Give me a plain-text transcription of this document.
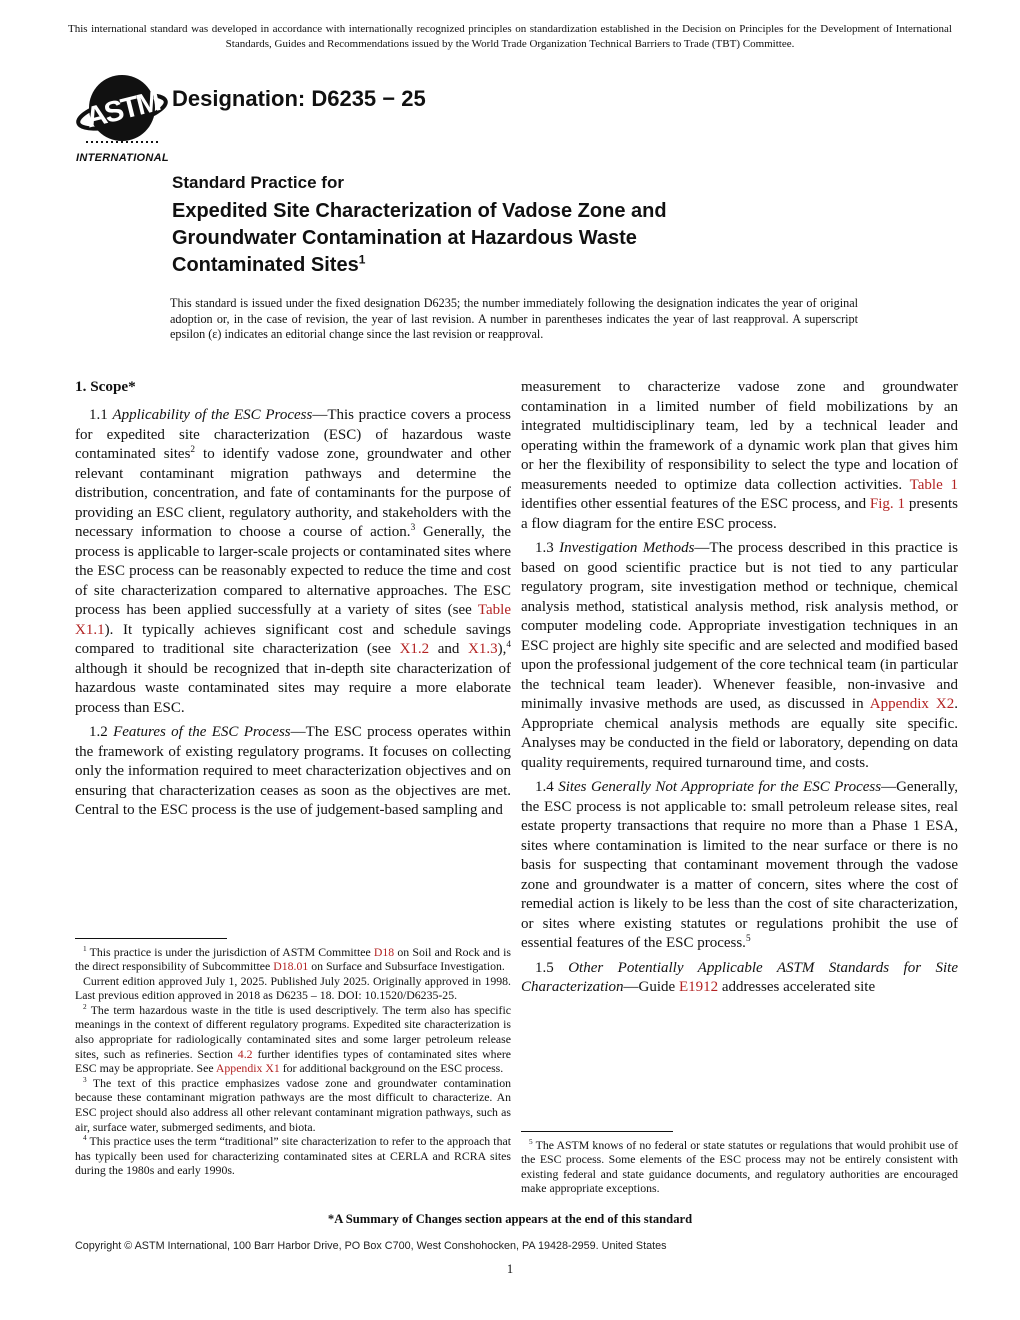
This international standard was developed in accordance with internationally recognized principles on standardization established in the Decision on Principles for the Development of International Standards, Guides and Recommendations issued by the World Trade Organization Technical Barriers to Trade (TBT) Committee.
ASTM
INTERNATIONAL
Designation: D6235 − 25

Standard Practice for

Expedited Site Characterization of Vadose Zone and
Groundwater Contamination at Hazardous Waste
Contaminated Sites$^1$
This standard is issued under the fixed designation D6235; the number immediately following the designation indicates the year of original adoption or, in the case of revision, the year of last revision. A number in parentheses indicates the year of last reapproval. A superscript epsilon (ε) indicates an editorial change since the last revision or reapproval.
1. Scope*

1.1 Applicability of the ESC Process—This practice covers a process for expedited site characterization (ESC) of hazardous waste contaminated sites$^2$ to identify vadose zone, groundwater and other relevant contaminant migration pathways and determine the distribution, concentration, and fate of contaminants for the purpose of providing an ESC client, regulatory authority, and stakeholders with the necessary information to choose a course of action.$^3$ Generally, the process is applicable to larger-scale projects or contaminated sites where the ESC process can be reasonably expected to reduce the time and cost of site characterization compared to alternative approaches. The ESC process has been applied successfully at a variety of sites (see Table X1.1). It typically achieves significant cost and schedule savings compared to traditional site characterization (see X1.2 and X1.3),$^4$ although it should be recognized that in-depth site characterization of hazardous waste contaminated sites may require a more elaborate process than ESC.

1.2 Features of the ESC Process—The ESC process operates within the framework of existing regulatory programs. It focuses on collecting only the information required to meet characterization objectives and on ensuring that characterization ceases as soon as the objectives are met. Central to the ESC process is the use of judgement-based sampling and

$^1$ This practice is under the jurisdiction of ASTM Committee D18 on Soil and Rock and is the direct responsibility of Subcommittee D18.01 on Surface and Subsurface Investigation.

Current edition approved July 1, 2025. Published July 2025. Originally approved in 1998. Last previous edition approved in 2018 as D6235 – 18. DOI: 10.1520/D6235-25.

$^2$ The term hazardous waste in the title is used descriptively. The term also has specific meanings in the context of different regulatory programs. Expedited site characterization is also appropriate for radiologically contaminated sites and some larger petroleum release sites, such as refineries. Section 4.2 further identifies types of contaminated sites where ESC may be appropriate. See Appendix X1 for additional background on the ESC process.

$^3$ The text of this practice emphasizes vadose zone and groundwater contamination because these contaminant migration pathways are the most difficult to characterize. An ESC project should also address all other relevant contaminant migration pathways, such as air, surface water, submerged sediments, and biota.

$^4$ This practice uses the term “traditional” site characterization to refer to the approach that has typically been used for characterizing contaminated sites at CERLA and RCRA sites during the 1980s and early 1990s.

measurement to characterize vadose zone and groundwater contamination in a limited number of field mobilizations by an integrated multidisciplinary team, led by a technical leader and operating within the framework of a dynamic work plan that gives him or her the flexibility of responsibility to select the type and location of measurements needed to optimize data collection activities. Table 1 identifies other essential features of the ESC process, and Fig. 1 presents a flow diagram for the entire ESC process.

1.3 Investigation Methods—The process described in this practice is based on good scientific practice but is not tied to any particular regulatory program, site investigation method or technique, chemical analysis method, statistical analysis method, risk analysis method, or computer modeling code. Appropriate investigation techniques in an ESC project are highly site specific and are selected and modified based upon the professional judgement of the core technical team (in particular the technical team leader). Whenever feasible, non-invasive and minimally invasive methods are used, as discussed in Appendix X2. Appropriate chemical analysis methods are equally site specific. Analyses may be conducted in the field or laboratory, depending on data quality requirements, required turnaround time, and costs.

1.4 Sites Generally Not Appropriate for the ESC Process—Generally, the ESC process is not applicable to: small petroleum release sites, real estate property transactions that require no more than a Phase 1 ESA, sites where contamination is limited to the near surface or there is no basis for suspecting that contaminant movement through the vadose zone and groundwater is a matter of concern, sites where the cost of remedial action is likely to be less than the cost of site characterization, or sites where existing statutes or regulations prohibit the use of essential features of the ESC process.$^5$

1.5 Other Potentially Applicable ASTM Standards for Site Characterization—Guide E1912 addresses accelerated site

$^5$ The ASTM knows of no federal or state statutes or regulations that would prohibit use of the ESC process. Some elements of the ESC process may not be entirely consistent with existing federal and state guidance documents, and regulatory authorities are encouraged make appropriate exceptions.

*A Summary of Changes section appears at the end of this standard
Copyright © ASTM International, 100 Barr Harbor Drive, PO Box C700, West Conshohocken, PA 19428-2959. United States
1
